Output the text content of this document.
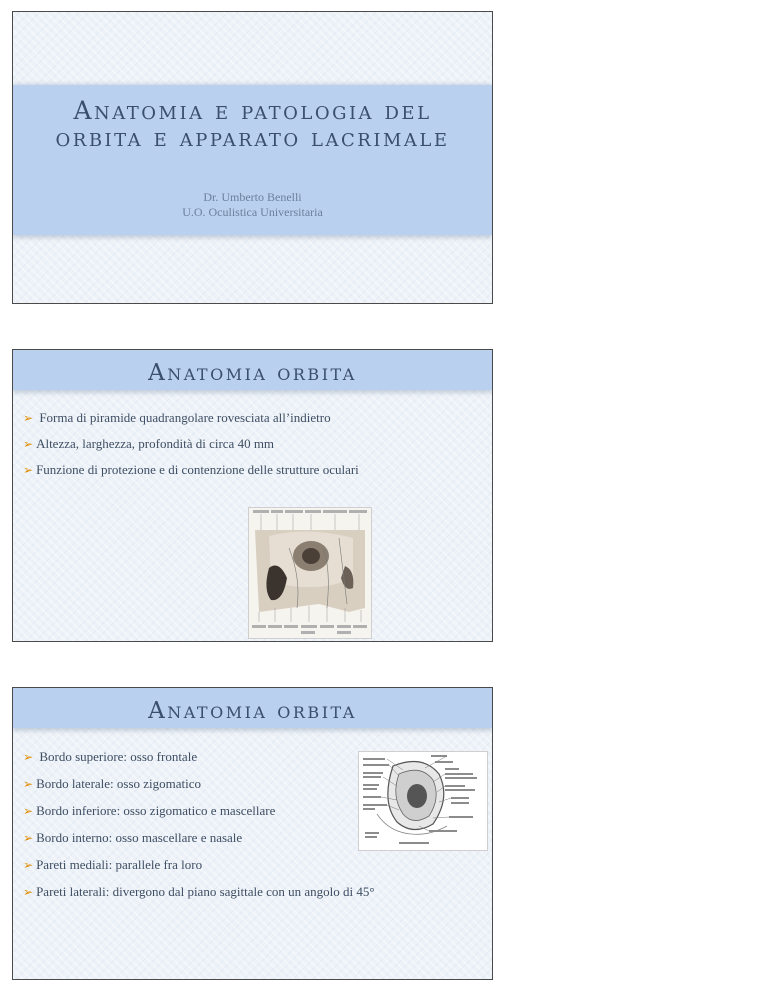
Anatomia e patologia del orbita e apparato lacrimale
Dr. Umberto Benelli
U.O. Oculistica Universitaria
Anatomia orbita
➢ Forma di piramide quadrangolare rovesciata all’indietro
➢ Altezza, larghezza, profondità di circa 40 mm
➢ Funzione di protezione e di contenzione delle strutture oculari
Anatomia orbita
➢ Bordo superiore: osso frontale
➢ Bordo laterale: osso zigomatico
➢ Bordo inferiore: osso zigomatico e mascellare
➢ Bordo interno: osso mascellare e nasale
➢ Pareti mediali: parallele fra loro
➢ Pareti laterali: divergono dal piano sagittale con un angolo di 45°
